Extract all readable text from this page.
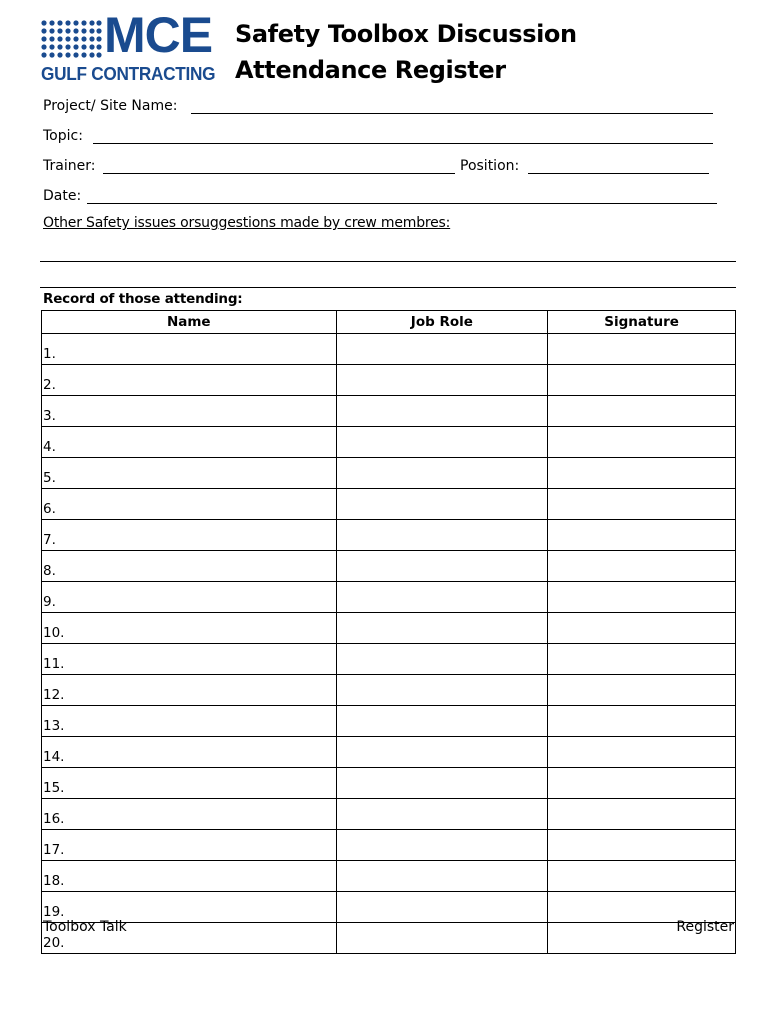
MCE
GULF CONTRACTING
Safety Toolbox Discussion
Attendance Register
Project/ Site Name:
Topic:
Trainer:	Position:
Date:
Other Safety issues orsuggestions made by crew membres:
Record of those attending:
Name	Job Role	Signature
1.		
2.		
3.		
4.		
5.		
6.		
7.		
8.		
9.		
10.		
11.		
12.		
13.		
14.		
15.		
16.		
17.		
18.		
19.		
20.		
Toolbox Talk	Register
